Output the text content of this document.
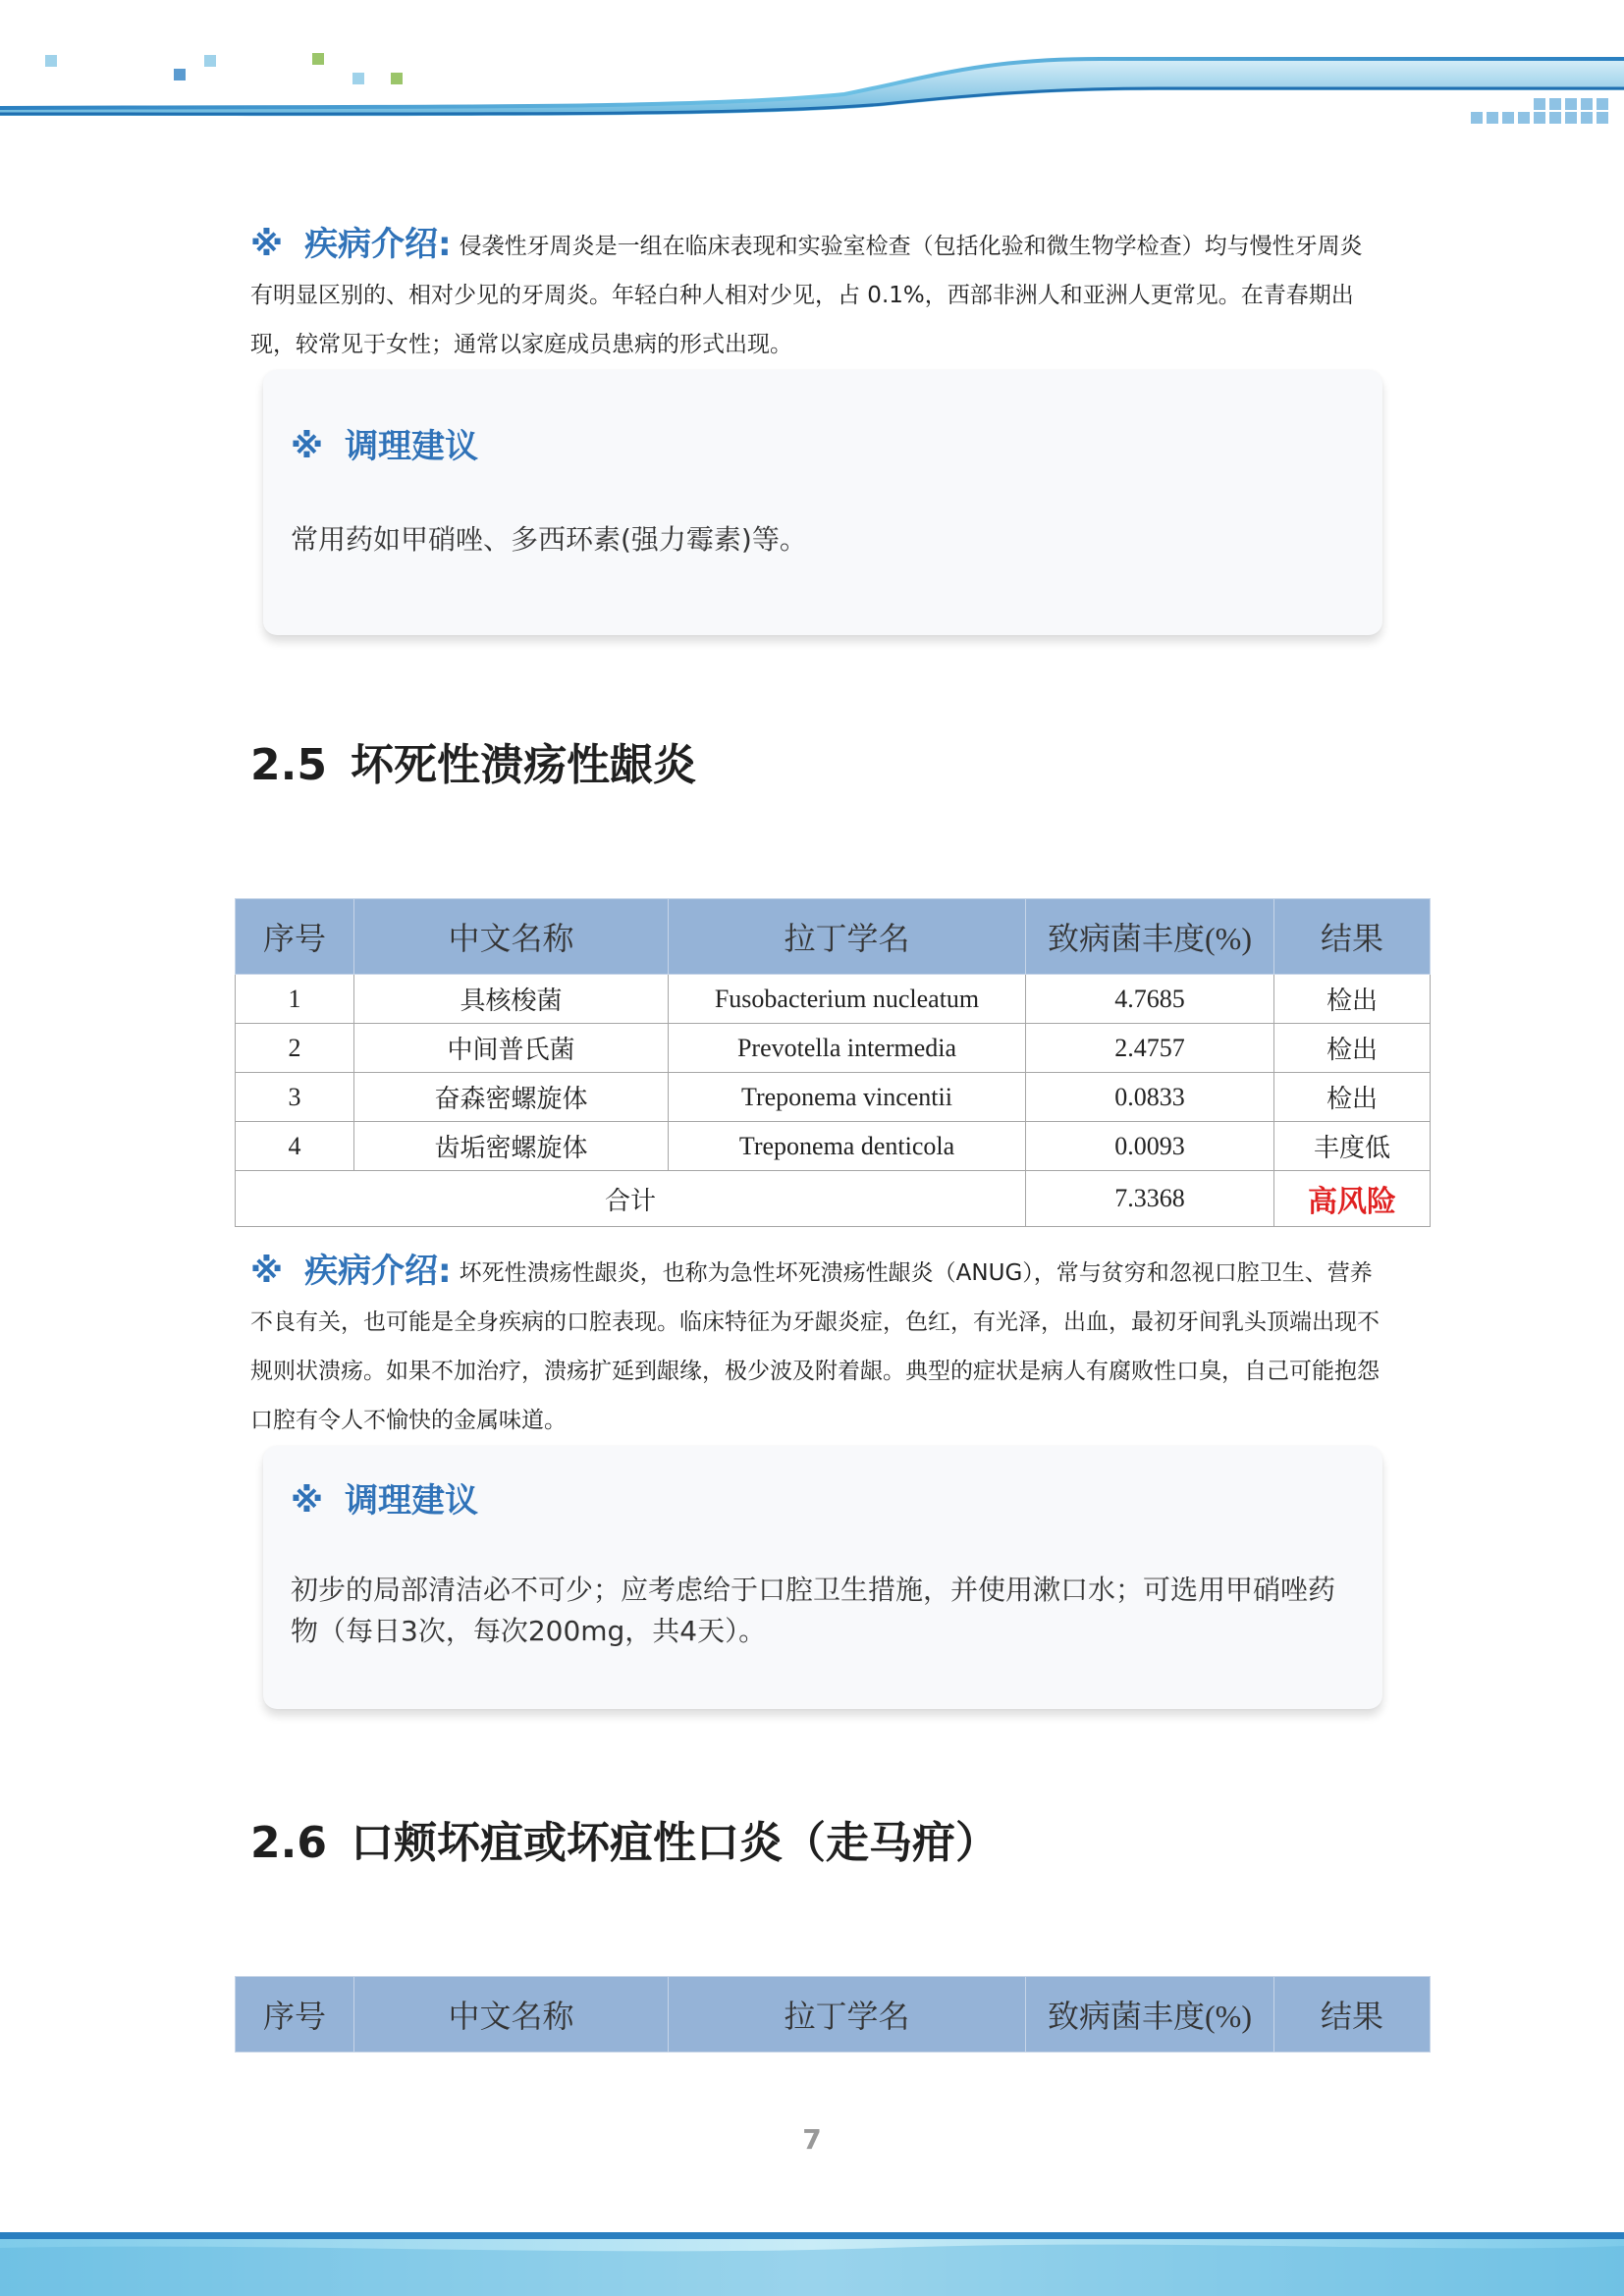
※ 疾病介绍: 侵袭性牙周炎是一组在临床表现和实验室检查（包括化验和微生物学检查）均与慢性牙周炎有明显区别的、相对少见的牙周炎。年轻白种人相对少见，占 0.1%，西部非洲人和亚洲人更常见。在青春期出现，较常见于女性；通常以家庭成员患病的形式出现。
※ 调理建议
常用药如甲硝唑、多西环素(强力霉素)等。
2.5 坏死性溃疡性龈炎
序号	中文名称	拉丁学名	致病菌丰度(%)	结果
1	具核梭菌	Fusobacterium nucleatum	4.7685	检出
2	中间普氏菌	Prevotella intermedia	2.4757	检出
3	奋森密螺旋体	Treponema vincentii	0.0833	检出
4	齿垢密螺旋体	Treponema denticola	0.0093	丰度低
合计			7.3368	高风险
※ 疾病介绍: 坏死性溃疡性龈炎，也称为急性坏死溃疡性龈炎（ANUG），常与贫穷和忽视口腔卫生、营养不良有关，也可能是全身疾病的口腔表现。临床特征为牙龈炎症，色红，有光泽，出血，最初牙间乳头顶端出现不规则状溃疡。如果不加治疗，溃疡扩延到龈缘，极少波及附着龈。典型的症状是病人有腐败性口臭，自己可能抱怨口腔有令人不愉快的金属味道。
※ 调理建议
初步的局部清洁必不可少；应考虑给于口腔卫生措施，并使用漱口水；可选用甲硝唑药物（每日3次，每次200mg，共4天）。
2.6 口颊坏疽或坏疽性口炎（走马疳）
序号	中文名称	拉丁学名	致病菌丰度(%)	结果
7
